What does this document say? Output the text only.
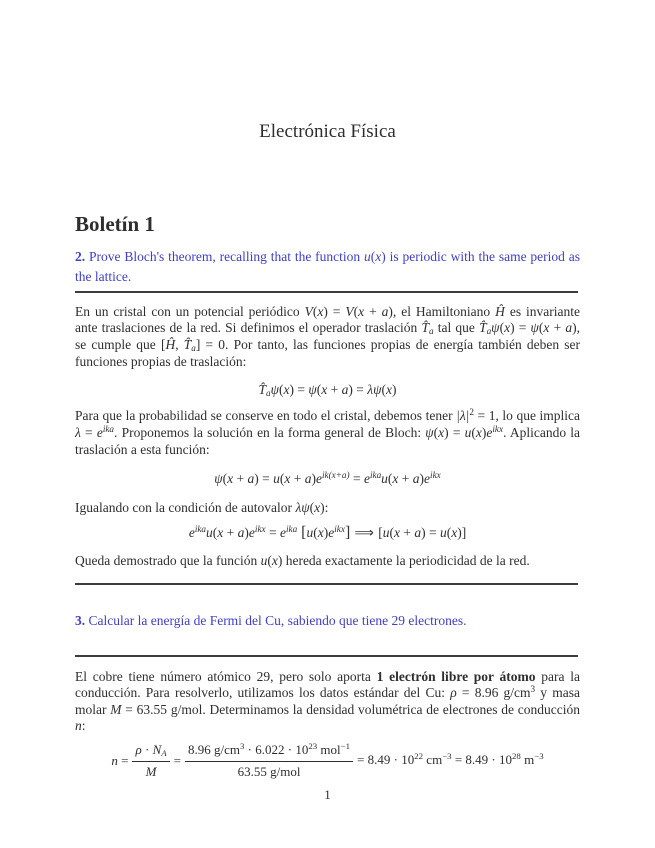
Electrónica Física
Boletín 1
2. Prove Bloch's theorem, recalling that the function u(x) is periodic with the same period as the lattice.
En un cristal con un potencial periódico V(x) = V(x + a), el Hamiltoniano Ĥ es invariante ante traslaciones de la red. Si definimos el operador traslación T̂a tal que T̂aψ(x) = ψ(x + a), se cumple que [Ĥ, T̂a] = 0. Por tanto, las funciones propias de energía también deben ser funciones propias de traslación:
T̂aψ(x) = ψ(x + a) = λψ(x)
Para que la probabilidad se conserve en todo el cristal, debemos tener $|\lambda|^2 = 1$, lo que implica $\lambda = e^{ika}$. Proponemos la solución en la forma general de Bloch: $\psi(x) = u(x)e^{ikx}$. Aplicando la traslación a esta función:
$\psi(x + a) = u(x + a)e^{ik(x+a)} = e^{ika}u(x + a)e^{ikx}$
Igualando con la condición de autovalor λψ(x):
$e^{ika}u(x + a)e^{ikx} = e^{ika}$ $[u(x)e^{ikx}]$ ⟹ [u(x + a) = u(x)]
Queda demostrado que la función u(x) hereda exactamente la periodicidad de la red.
3. Calcular la energía de Fermi del Cu, sabiendo que tiene 29 electrones.
El cobre tiene número atómico 29, pero solo aporta 1 electrón libre por átomo para la conducción. Para resolverlo, utilizamos los datos estándar del Cu: ρ = 8.96 $g/cm^3$ y masa molar M = 63.55 g/mol. Determinamos la densidad volumétrica de electrones de conducción n:
$n = \frac{\rho \cdot NA}{M} = \frac{8.96 g/cm^3 \cdot 6.022 \cdot 10^{23} mol^{-1}}{\text{63.55 g/mol}} = 8.49 \cdot 10^{22}$ $cm^{-3} = 8.49 \cdot 10^{28}$ $m^{-3}$
1
